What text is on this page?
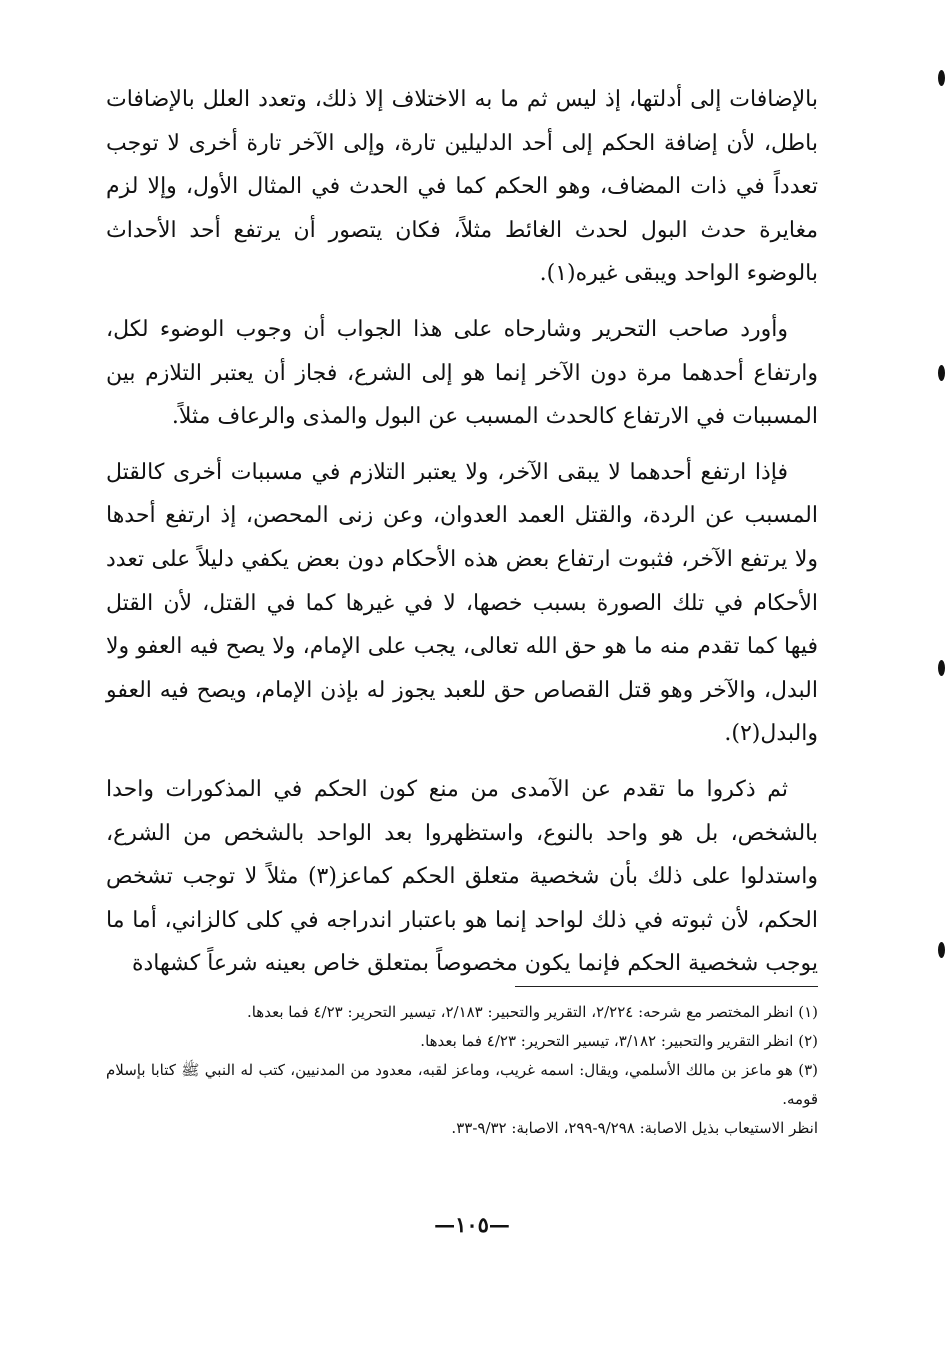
بالإضافات إلى أدلتها، إذ ليس ثم ما به الاختلاف إلا ذلك، وتعدد العلل بالإضافات باطل، لأن إضافة الحكم إلى أحد الدليلين تارة، وإلى الآخر تارة أخرى لا توجب تعدداً في ذات المضاف، وهو الحكم كما في الحدث في المثال الأول، وإلا لزم مغايرة حدث البول لحدث الغائط مثلاً، فكان يتصور أن يرتفع أحد الأحداث بالوضوء الواحد ويبقى غيره(١).

وأورد صاحب التحرير وشارحاه على هذا الجواب أن وجوب الوضوء لكل، وارتفاع أحدهما مرة دون الآخر إنما هو إلى الشرع، فجاز أن يعتبر التلازم بين المسببات في الارتفاع كالحدث المسبب عن البول والمذى والرعاف مثلاً.

فإذا ارتفع أحدهما لا يبقى الآخر، ولا يعتبر التلازم في مسببات أخرى كالقتل المسبب عن الردة، والقتل العمد العدوان، وعن زنى المحصن، إذ ارتفع أحدها ولا يرتفع الآخر، فثبوت ارتفاع بعض هذه الأحكام دون بعض يكفي دليلاً على تعدد الأحكام في تلك الصورة بسبب خصها، لا في غيرها كما في القتل، لأن القتل فيها كما تقدم منه ما هو حق الله تعالى، يجب على الإمام، ولا يصح فيه العفو ولا البدل، والآخر وهو قتل القصاص حق للعبد يجوز له بإذن الإمام، ويصح فيه العفو والبدل(٢).

ثم ذكروا ما تقدم عن الآمدى من منع كون الحكم في المذكورات واحدا بالشخص، بل هو واحد بالنوع، واستظهروا بعد الواحد بالشخص من الشرع، واستدلوا على ذلك بأن شخصية متعلق الحكم كماعز(٣) مثلاً لا توجب تشخص الحكم، لأن ثبوته في ذلك لواحد إنما هو باعتبار اندراجه في كلى كالزاني، أما ما يوجب شخصية الحكم فإنما يكون مخصوصاً بمتعلق خاص بعينه شرعاً كشهادة

(١) انظر المختصر مع شرحه: ٢/٢٢٤، التقرير والتحبير: ٢/١٨٣، تيسير التحرير: ٤/٢٣ فما بعدها.

(٢) انظر التقرير والتحبير: ٣/١٨٢، تيسير التحرير: ٤/٢٣ فما بعدها.

(٣) هو ماعز بن مالك الأسلمي، ويقال: اسمه غريب، وماعز لقبه، معدود من المدنيين، كتب له النبي ﷺ كتابا بإسلام قومه.

انظر الاستيعاب بذيل الاصابة: ٩/٢٩٨-٢٩٩، الاصابة: ٩/٣٢-٣٣.

—١٠٥—
